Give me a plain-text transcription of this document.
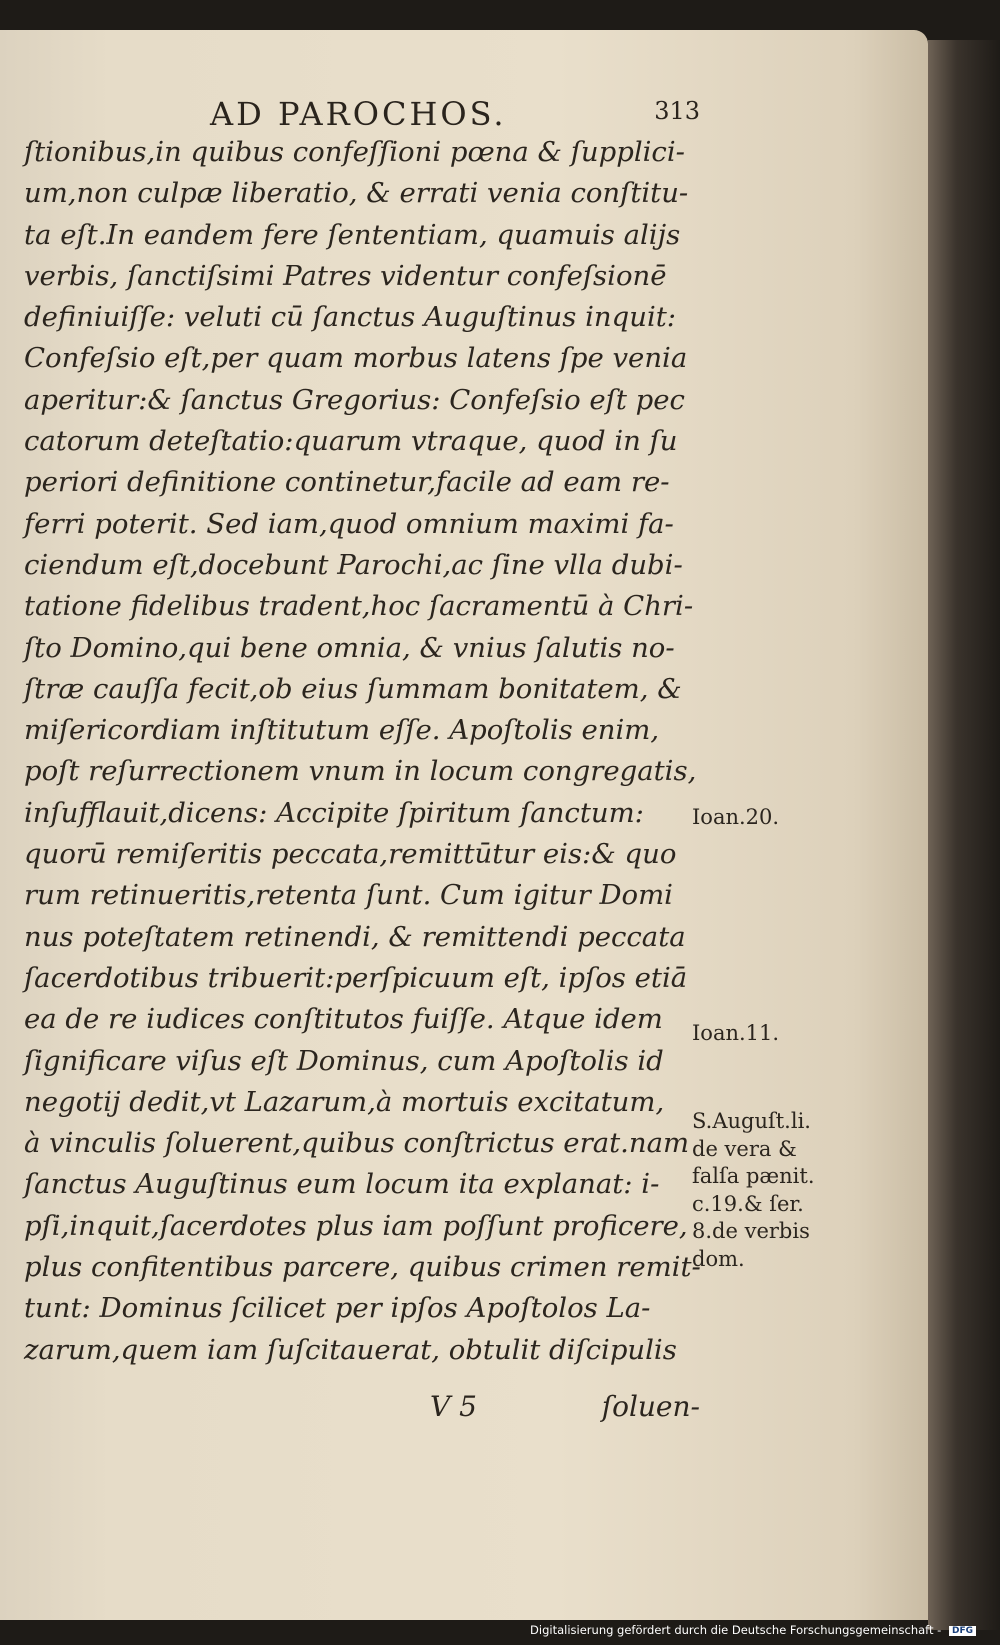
AD PAROCHOS.	313
ſtionibus,in quibus confeſſioni pœna & ſupplici-
um,non culpæ liberatio, & errati venia conſtitu-
ta eſt.In eandem fere ſententiam, quamuis alijs
verbis, ſanctiſsimi Patres videntur confeſsionē
definiuiſſe: veluti cū ſanctus Auguſtinus inquit:
Confeſsio eſt,per quam morbus latens ſpe venia
aperitur:& ſanctus Gregorius: Confeſsio eſt pec
catorum deteſtatio:quarum vtraque, quod in ſu
periori definitione continetur,facile ad eam re-
ferri poterit. Sed iam,quod omnium maximi fa-
ciendum eſt,docebunt Parochi,ac ſine vlla dubi-
tatione fidelibus tradent,hoc ſacramentū à Chri-
ſto Domino,qui bene omnia, & vnius ſalutis no-
ſtræ cauſſa fecit,ob eius ſummam bonitatem, &
miſericordiam inſtitutum eſſe. Apoſtolis enim,
poſt reſurrectionem vnum in locum congregatis,
inſufflauit,dicens: Accipite ſpiritum ſanctum:
quorū remiſeritis peccata,remittūtur eis:& quo
rum retinueritis,retenta ſunt. Cum igitur Domi
nus poteſtatem retinendi, & remittendi peccata
ſacerdotibus tribuerit:perſpicuum eſt, ipſos etiā
ea de re iudices conſtitutos fuiſſe. Atque idem
ſignificare viſus eſt Dominus, cum Apoſtolis id
negotij dedit,vt Lazarum,à mortuis excitatum,
à vinculis ſoluerent,quibus conſtrictus erat.nam
ſanctus Auguſtinus eum locum ita explanat: i-
pſi,inquit,ſacerdotes plus iam poſſunt proficere,
plus confitentibus parcere, quibus crimen remit-
tunt: Dominus ſcilicet per ipſos Apoſtolos La-
zarum,quem iam ſuſcitauerat, obtulit diſcipulis
Ioan.20.
Ioan.11.
S.Auguſt.li.
de vera &
falſa pænit.
c.19.& ſer.
8.de verbis
dom.
V 5	ſoluen-
Digitalisierung gefördert durch die Deutsche Forschungsgemeinschaft - DFG
